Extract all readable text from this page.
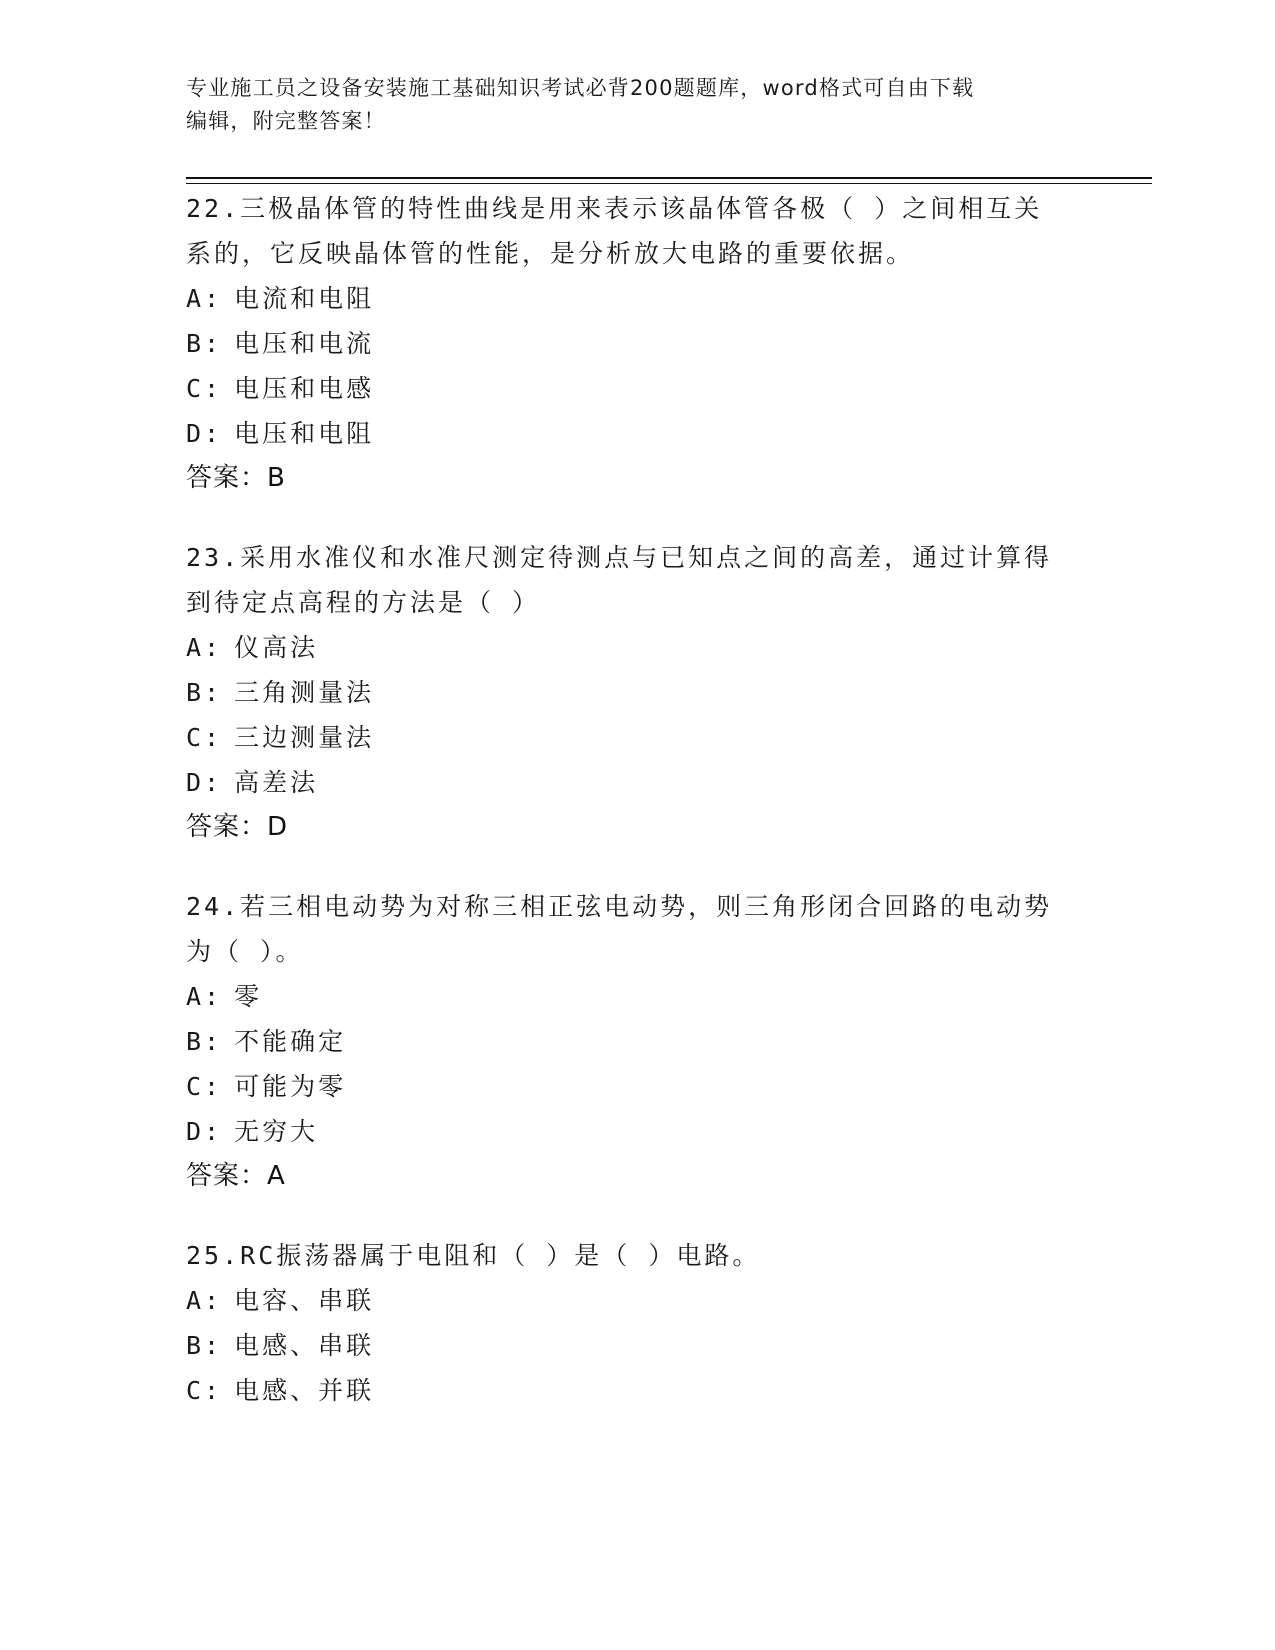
专业施工员之设备安装施工基础知识考试必背200题题库，word格式可自由下载
编辑，附完整答案！
22.三极晶体管的特性曲线是用来表示该晶体管各极（ ）之间相互关
系的，它反映晶体管的性能，是分析放大电路的重要依据。
A: 电流和电阻
B: 电压和电流
C: 电压和电感
D: 电压和电阻
答案：B
23.采用水准仪和水准尺测定待测点与已知点之间的高差，通过计算得
到待定点高程的方法是（ ）
A: 仪高法
B: 三角测量法
C: 三边测量法
D: 高差法
答案：D
24.若三相电动势为对称三相正弦电动势，则三角形闭合回路的电动势
为（ ）。
A: 零
B: 不能确定
C: 可能为零
D: 无穷大
答案：A
25.RC振荡器属于电阻和（ ）是（ ）电路。
A: 电容、串联
B: 电感、串联
C: 电感、并联
